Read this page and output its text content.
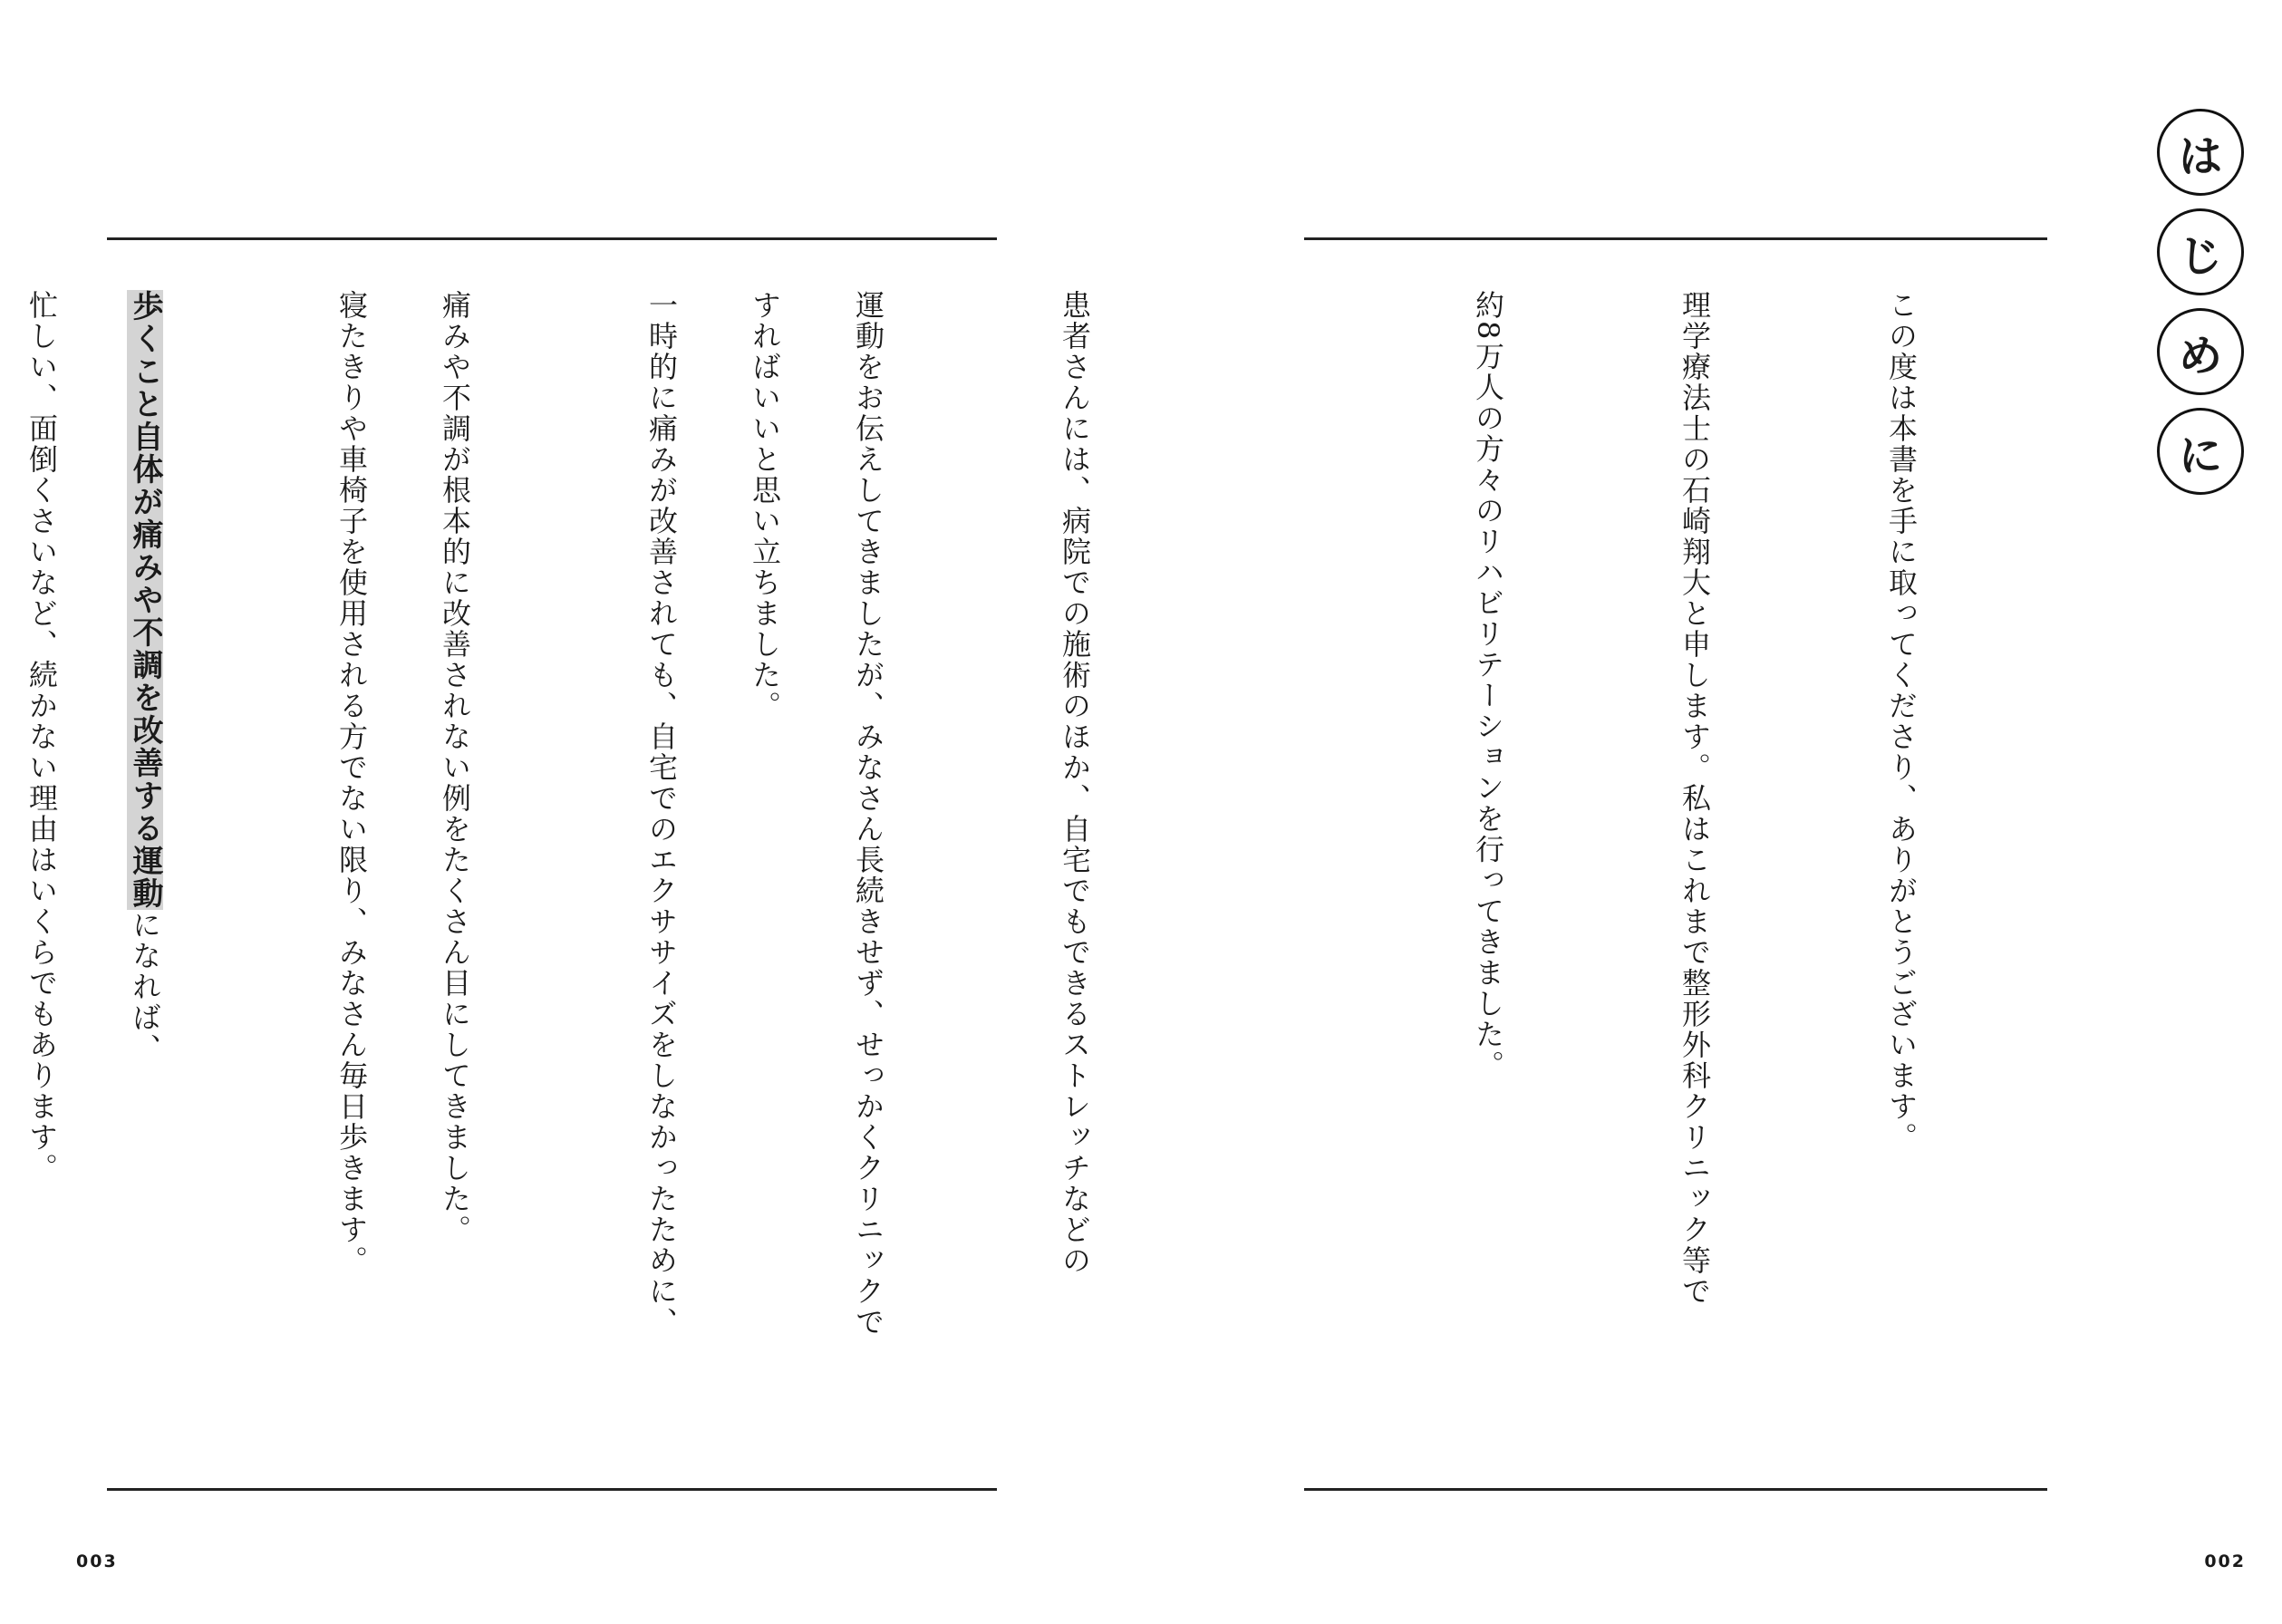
すればいいと思い立ちました。

寝たきりや車椅子を使用される方でない限り、みなさん毎日歩きます。

歩くこと自体が痛みや不調を改善する運動になれば、

003

この度は本書を手に取ってくださり、ありがとうございます。

理学療法士の石崎翔大と申します。私はこれまで整形外科クリニック等で

約8万人の方々のリハビリテーションを行ってきました。

患者さんには、病院での施術のほか、自宅でもできるストレッチなどの

運動をお伝えしてきましたが、みなさん長続きせず、せっかくクリニックで

一時的に痛みが改善されても、自宅でのエクササイズをしなかったために、

痛みや不調が根本的に改善されない例をたくさん目にしてきました。

忙しい、面倒くさいなど、続かない理由はいくらでもあります。

は
じ
め
に
002
